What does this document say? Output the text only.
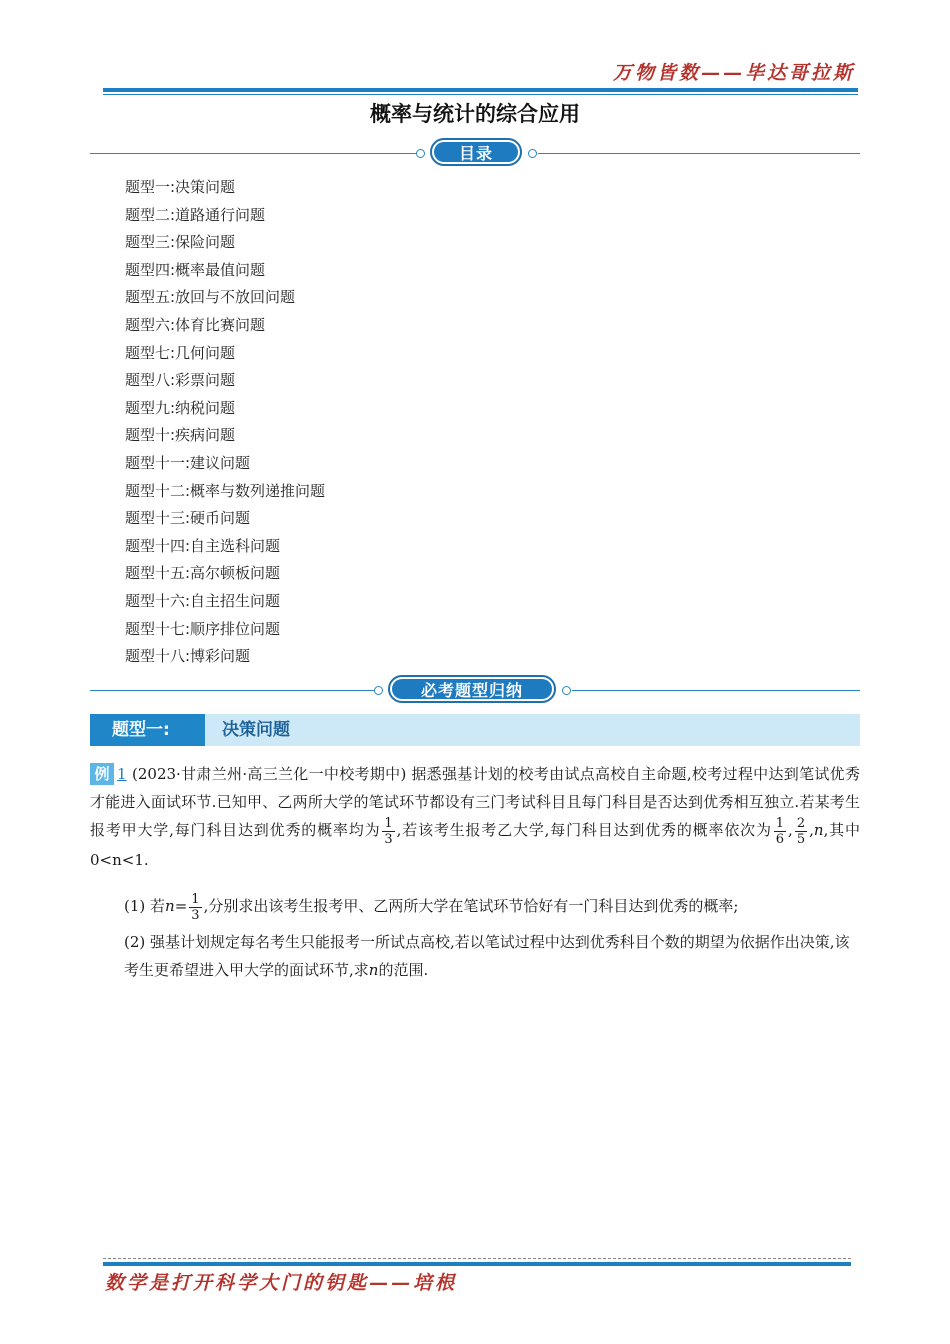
万物皆数——毕达哥拉斯
概率与统计的综合应用
目录
题型一:决策问题
题型二:道路通行问题
题型三:保险问题
题型四:概率最值问题
题型五:放回与不放回问题
题型六:体育比赛问题
题型七:几何问题
题型八:彩票问题
题型九:纳税问题
题型十:疾病问题
题型十一:建议问题
题型十二:概率与数列递推问题
题型十三:硬币问题
题型十四:自主选科问题
题型十五:高尔顿板问题
题型十六:自主招生问题
题型十七:顺序排位问题
题型十八:博彩问题
必考题型归纳
题型一:	决策问题
例 1 (2023·甘肃兰州·高三兰化一中校考期中) 据悉强基计划的校考由试点高校自主命题,校考过程中达到笔试优秀才能进入面试环节.已知甲、乙两所大学的笔试环节都设有三门考试科目且每门科目是否达到优秀相互独立.若某考生报考甲大学,每门科目达到优秀的概率均为 $\frac{1}{3}$ ,若该考生报考乙大学,每门科目达到优秀的概率依次为 $\frac{1}{6}$ , $\frac{2}{5} ,n$,其中0<n<1.
(1) 若$n= \frac{1}{3}$ ,分别求出该考生报考甲、乙两所大学在笔试环节恰好有一门科目达到优秀的概率;
(2) 强基计划规定每名考生只能报考一所试点高校,若以笔试过程中达到优秀科目个数的期望为依据作出决策,该考生更希望进入甲大学的面试环节,求n的范围.
数学是打开科学大门的钥匙——培根
